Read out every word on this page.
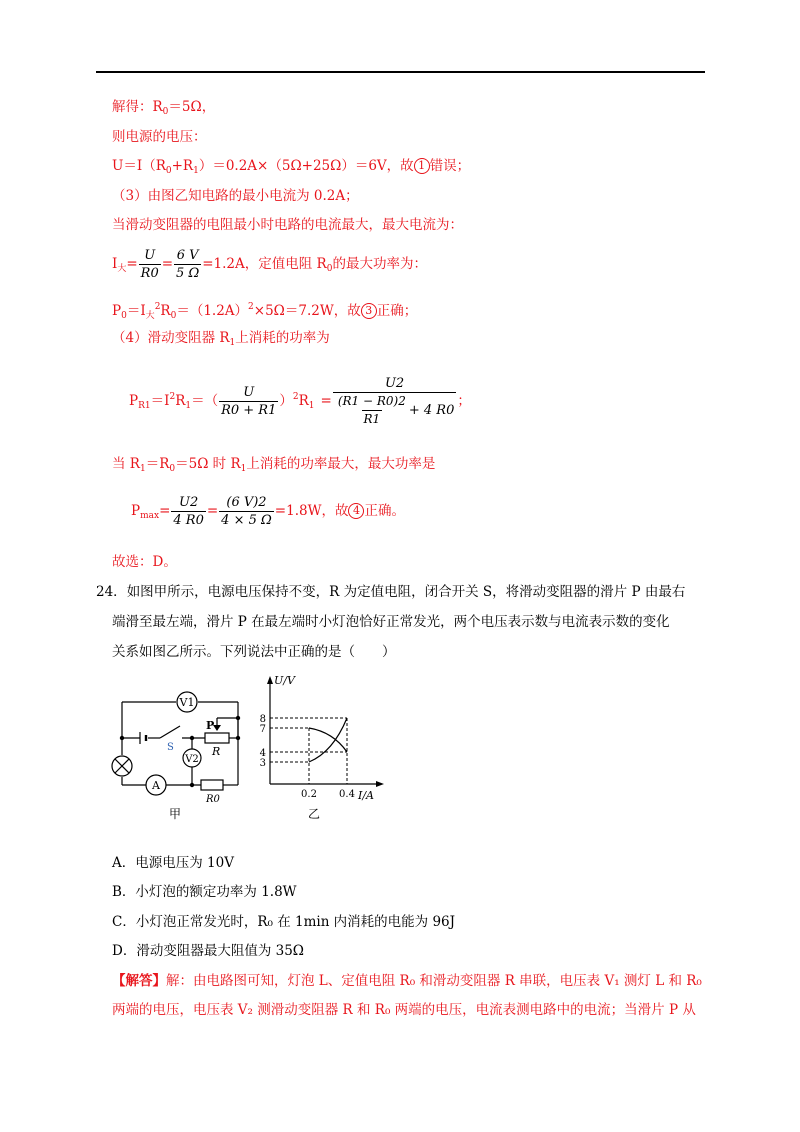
解得：$R_0=5\Omega$，
则电源的电压：
$U=I(R_0+R_1)=0.2A\times(5\Omega+25\Omega)=6V$，故 1 错误；
（3）由图乙知电路的最小电流为 0.2A；
当滑动变阻器的电阻最小时电路的电流最大，最大电流为：
$I_大= \frac{U}{R0} = \frac{6 V}{5 \Omega} =1.2A$，定值电阻 $R_0$的最大功率为：
$P_0=I_大^2R_0=(1.2A)^2\times 5\Omega=7.2W$，故 3 正确；
（4）滑动变阻器 $R_1$上消耗的功率为
$P_{R1}=I^2R_1=( \frac{U}{R0 + R1} )^2R_1 = \frac{U2}{\frac{(R1 - R0)2}{R1} + 4 R0}$ ；
当 $R_1=R_0=5\Omega$ 时 $R_1$上消耗的功率最大，最大功率是
$P_{max}= \frac{U2}{4 R0} = \frac{(6 V)2}{4 \times 5 \Omega} =1.8W$，故 4 正确。
故选：D。
24．如图甲所示，电源电压保持不变，R 为定值电阻，闭合开关 S，将滑动变阻器的滑片 P 由最右
端滑至最左端，滑片 P 在最左端时小灯泡恰好正常发光，两个电压表示数与电流表示数的变化
关系如图乙所示。下列说法中正确的是（　　）
V1
V2
A
P
R
S
R0
甲
U/V
I/A
8
7
4
3
0.2 0.4
乙
A．电源电压为 10V
B．小灯泡的额定功率为 1.8W
C．小灯泡正常发光时，R₀ 在 1min 内消耗的电能为 96J
D．滑动变阻器最大阻值为 35Ω
【解答】解：由电路图可知，灯泡 L、定值电阻 R₀ 和滑动变阻器 R 串联，电压表 V₁ 测灯 L 和 R₀
两端的电压，电压表 V₂ 测滑动变阻器 R 和 R₀ 两端的电压，电流表测电路中的电流；当滑片 P 从
